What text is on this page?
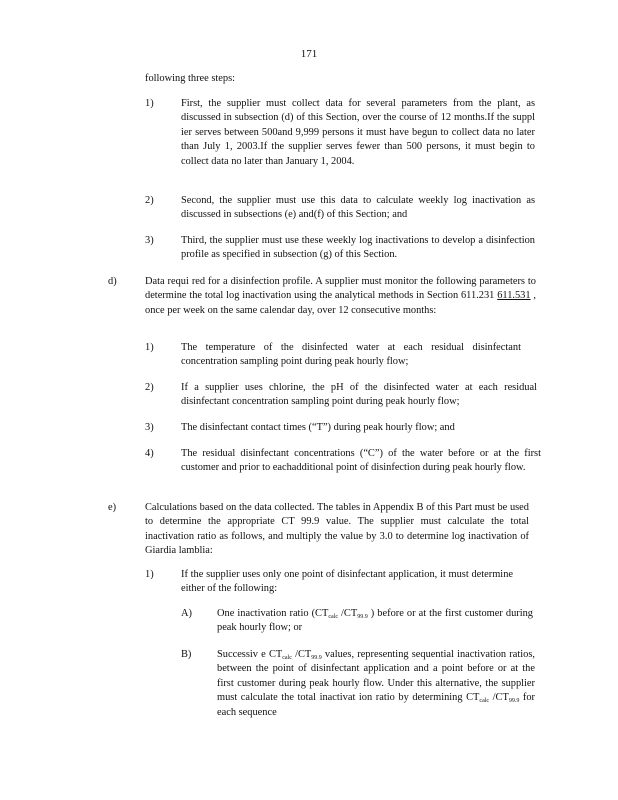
171
following three steps:
1)	First, the supplier must collect data for several parameters from the plant, as discussed in subsection (d) of this Section, over the course of 12 months.If the suppl ier serves between 500and 9,999 persons it must have begun to collect data no later than July 1, 2003.If the supplier serves fewer than 500 persons, it must begin to collect data no later than January 1, 2004.
2)	Second, the supplier must use this data to calculate weekly log inactivation as discussed in subsections (e) and(f) of this Section; and
3)	Third, the supplier must use these weekly log inactivations to develop a disinfection profile as specified in subsection (g) of this Section.
d)	Data requi red for a disinfection profile. A supplier must monitor the following parameters to determine the total log inactivation using the analytical methods in Section 611.231 611.531 , once per week on the same calendar day, over 12 consecutive months:
1)	The temperature of the disinfected water at each residual disinfectant concentration sampling point during peak hourly flow;
2)	If a supplier uses chlorine, the pH of the disinfected water at each residual disinfectant concentration sampling point during peak hourly flow;
3)	The disinfectant contact times (“T”) during peak hourly flow; and
4)	The residual disinfectant concentrations (“C”) of the water before or at the first customer and prior to eachadditional point of disinfection during peak hourly flow.
e)	Calculations based on the data collected. The tables in Appendix B of this Part must be used to determine the appropriate CT 99.9 value. The supplier must calculate the total inactivation ratio as follows, and multiply the value by 3.0 to determine log inactivation of Giardia lamblia:
1)	If the supplier uses only one point of disinfectant application, it must determine either of the following:
A) One inactivation ratio ($CT_{calc}$ $/CT_{99.9}$ ) before or at the first customer during peak hourly flow; or
B) Successiv e $CT_{calc}$ $/CT_{99.9}$ values, representing sequential inactivation ratios, between the point of disinfectant application and a point before or at the first customer during peak hourly flow. Under this alternative, the supplier must calculate the total inactivat ion ratio by determining $CT_{calc}$ $/CT_{99.9}$ for each sequence
